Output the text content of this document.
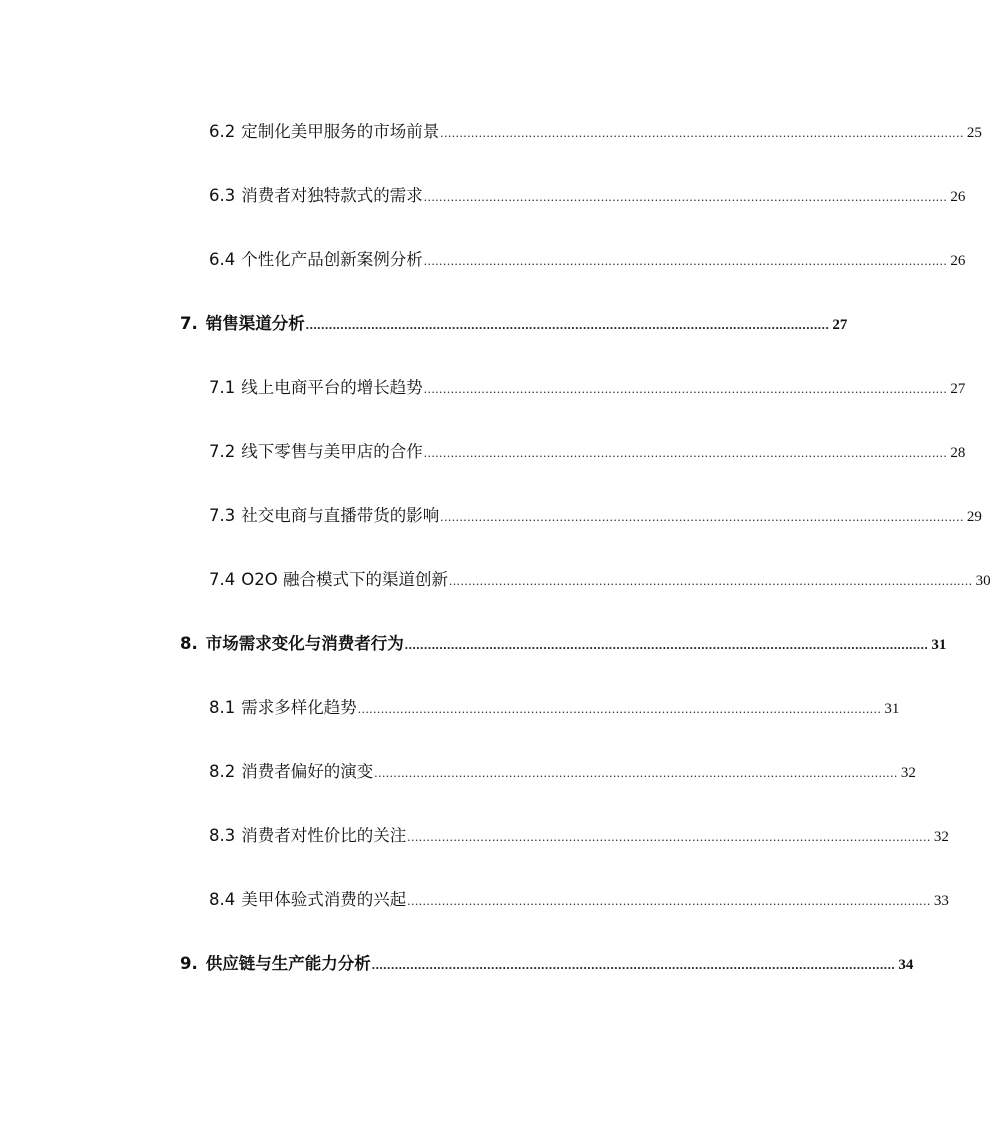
6.2 定制化美甲服务的市场前景 ........................................................................................................................................ 25
6.3 消费者对独特款式的需求 ........................................................................................................................................ 26
6.4 个性化产品创新案例分析 ........................................................................................................................................ 26
7. 销售渠道分析 ........................................................................................................................................ 27
7.1 线上电商平台的增长趋势 ........................................................................................................................................ 27
7.2 线下零售与美甲店的合作 ........................................................................................................................................ 28
7.3 社交电商与直播带货的影响 ........................................................................................................................................ 29
7.4 O2O 融合模式下的渠道创新 ........................................................................................................................................ 30
8. 市场需求变化与消费者行为 ........................................................................................................................................ 31
8.1 需求多样化趋势 ........................................................................................................................................ 31
8.2 消费者偏好的演变 ........................................................................................................................................ 32
8.3 消费者对性价比的关注 ........................................................................................................................................ 32
8.4 美甲体验式消费的兴起 ........................................................................................................................................ 33
9. 供应链与生产能力分析 ........................................................................................................................................ 34
